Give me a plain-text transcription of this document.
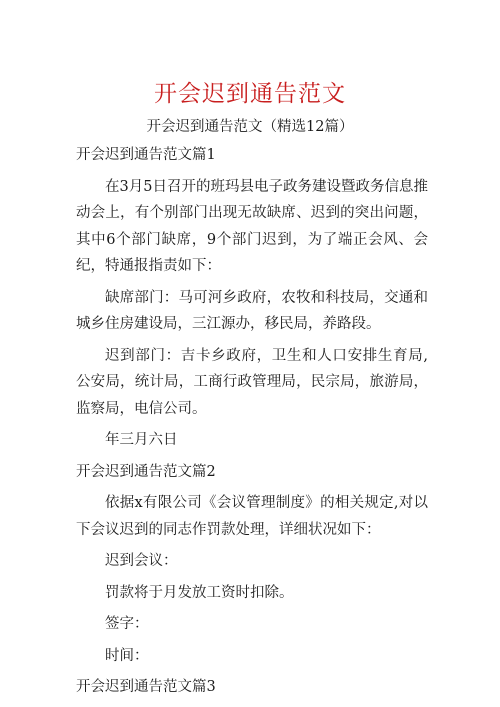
开会迟到通告范文
开会迟到通告范文（精选12篇）

开会迟到通告范文篇1

在3月5日召开的班玛县电子政务建设暨政务信息推动会上，有个别部门出现无故缺席、迟到的突出问题，其中6个部门缺席，9个部门迟到，为了端正会风、会纪，特通报指责如下：

缺席部门：马可河乡政府，农牧和科技局，交通和城乡住房建设局，三江源办，移民局，养路段。

迟到部门：吉卡乡政府，卫生和人口安排生育局,公安局，统计局，工商行政管理局，民宗局，旅游局，监察局，电信公司。

年三月六日

开会迟到通告范文篇2

依据x有限公司《会议管理制度》的相关规定,对以下会议迟到的同志作罚款处理，详细状况如下：

迟到会议：

罚款将于月发放工资时扣除。

签字：

时间：

开会迟到通告范文篇3
